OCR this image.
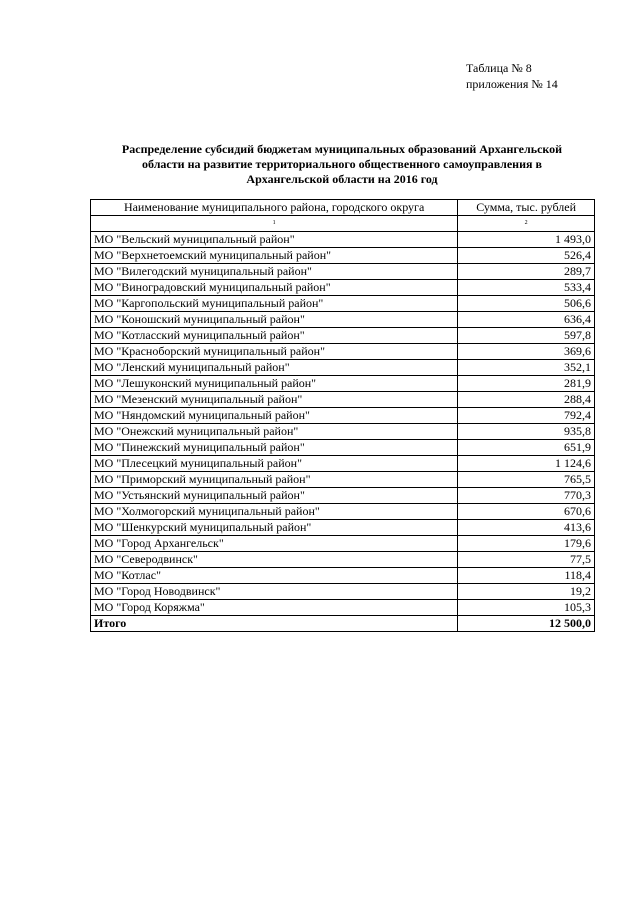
Таблица № 8
приложения № 14
Распределение субсидий бюджетам муниципальных образований Архангельской
области на развитие территориального общественного самоуправления в
Архангельской области на 2016 год
Наименование муниципального района, городского округа	Сумма, тыс. рублей
1	2
МО "Вельский муниципальный район"	1 493,0
МО "Верхнетоемский муниципальный район"	526,4
МО "Вилегодский муниципальный район"	289,7
МО "Виноградовский муниципальный район"	533,4
МО "Каргопольский муниципальный район"	506,6
МО "Коношский муниципальный район"	636,4
МО "Котласский муниципальный район"	597,8
МО "Красноборский муниципальный район"	369,6
МО "Ленский муниципальный район"	352,1
МО "Лешуконский муниципальный район"	281,9
МО "Мезенский муниципальный район"	288,4
МО "Няндомский муниципальный район"	792,4
МО "Онежский муниципальный район"	935,8
МО "Пинежский муниципальный район"	651,9
МО "Плесецкий муниципальный район"	1 124,6
МО "Приморский муниципальный район"	765,5
МО "Устьянский муниципальный район"	770,3
МО "Холмогорский муниципальный район"	670,6
МО "Шенкурский муниципальный район"	413,6
МО "Город Архангельск"	179,6
МО "Северодвинск"	77,5
МО "Котлас"	118,4
МО "Город Новодвинск"	19,2
МО "Город Коряжма"	105,3
Итого	12 500,0
